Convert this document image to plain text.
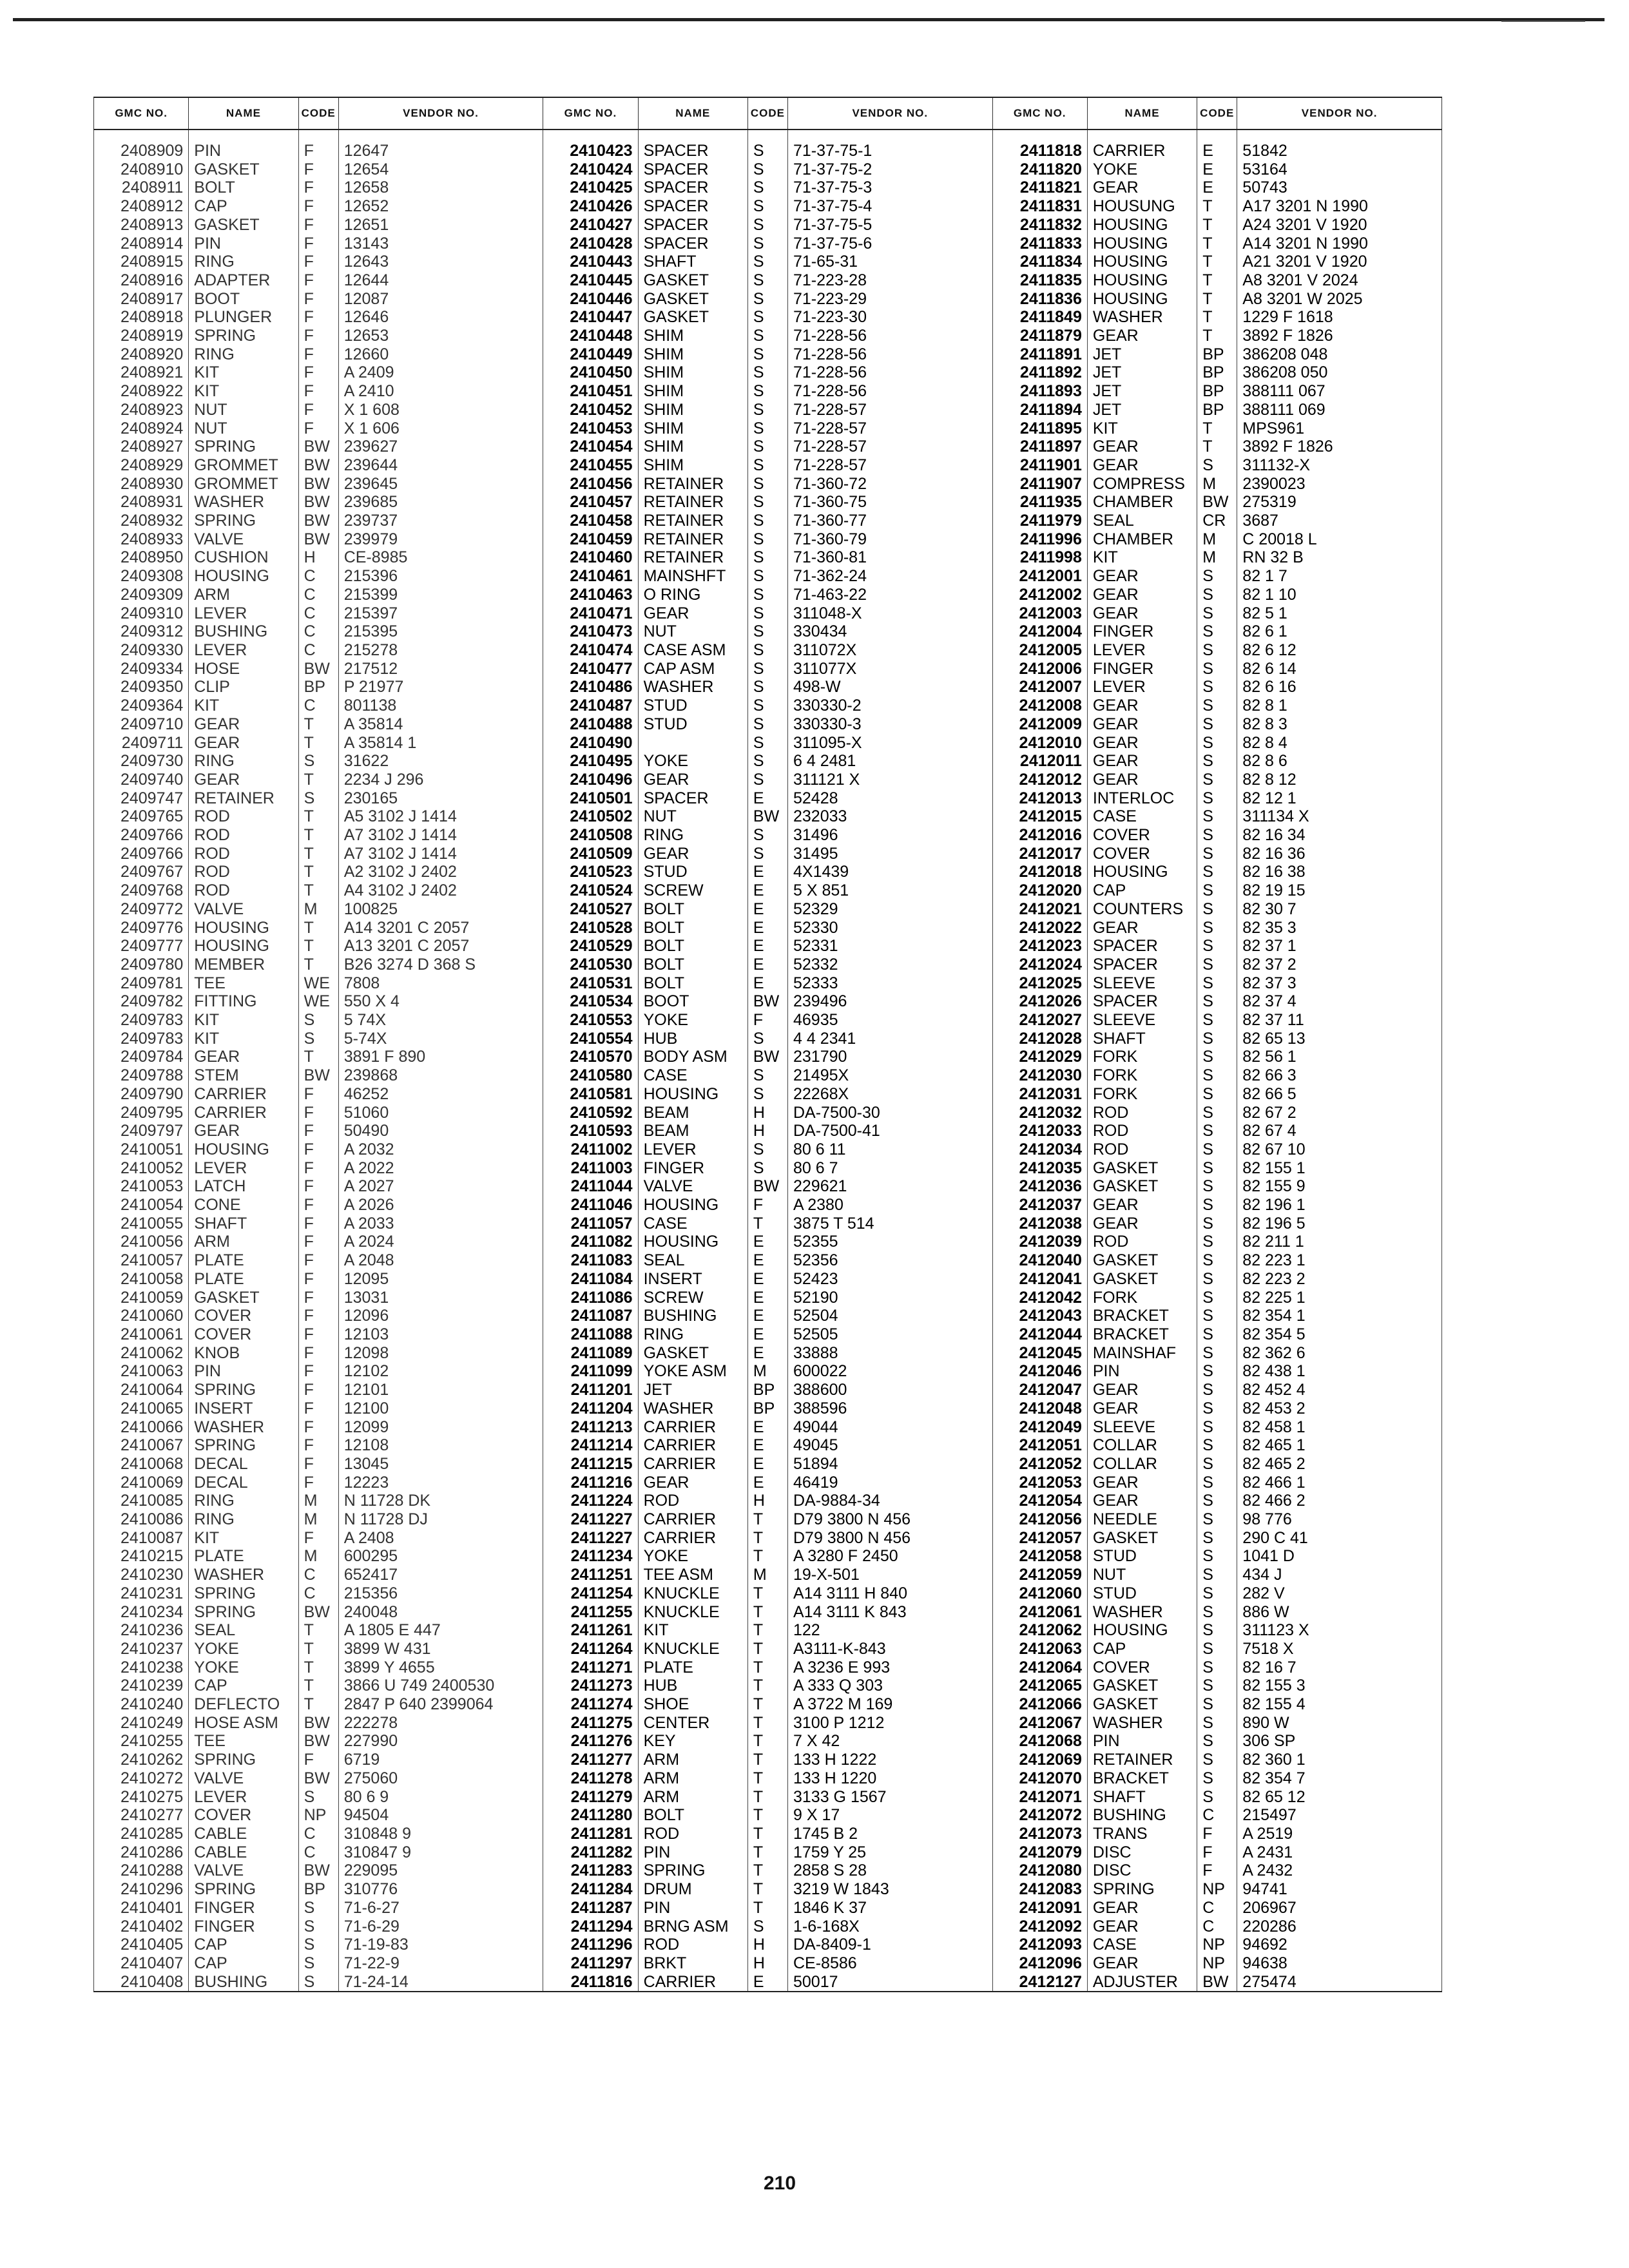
GMC NO.	NAME	CODE	VENDOR NO.	GMC NO.	NAME	CODE	VENDOR NO.	GMC NO.	NAME	CODE	VENDOR NO.
2408909	PIN	F	12647	2410423	SPACER	S	71-37-75-1	2411818	CARRIER	E	51842
2408910	GASKET	F	12654	2410424	SPACER	S	71-37-75-2	2411820	YOKE	E	53164
2408911	BOLT	F	12658	2410425	SPACER	S	71-37-75-3	2411821	GEAR	E	50743
2408912	CAP	F	12652	2410426	SPACER	S	71-37-75-4	2411831	HOUSUNG	T	A17 3201 N 1990
2408913	GASKET	F	12651	2410427	SPACER	S	71-37-75-5	2411832	HOUSING	T	A24 3201 V 1920
2408914	PIN	F	13143	2410428	SPACER	S	71-37-75-6	2411833	HOUSING	T	A14 3201 N 1990
2408915	RING	F	12643	2410443	SHAFT	S	71-65-31	2411834	HOUSING	T	A21 3201 V 1920
2408916	ADAPTER	F	12644	2410445	GASKET	S	71-223-28	2411835	HOUSING	T	A8 3201 V 2024
2408917	BOOT	F	12087	2410446	GASKET	S	71-223-29	2411836	HOUSING	T	A8 3201 W 2025
2408918	PLUNGER	F	12646	2410447	GASKET	S	71-223-30	2411849	WASHER	T	1229 F 1618
2408919	SPRING	F	12653	2410448	SHIM	S	71-228-56	2411879	GEAR	T	3892 F 1826
2408920	RING	F	12660	2410449	SHIM	S	71-228-56	2411891	JET	BP	386208 048
2408921	KIT	F	A 2409	2410450	SHIM	S	71-228-56	2411892	JET	BP	386208 050
2408922	KIT	F	A 2410	2410451	SHIM	S	71-228-56	2411893	JET	BP	388111 067
2408923	NUT	F	X 1 608	2410452	SHIM	S	71-228-57	2411894	JET	BP	388111 069
2408924	NUT	F	X 1 606	2410453	SHIM	S	71-228-57	2411895	KIT	T	MPS961
2408927	SPRING	BW	239627	2410454	SHIM	S	71-228-57	2411897	GEAR	T	3892 F 1826
2408929	GROMMET	BW	239644	2410455	SHIM	S	71-228-57	2411901	GEAR	S	311132-X
2408930	GROMMET	BW	239645	2410456	RETAINER	S	71-360-72	2411907	COMPRESS	M	2390023
2408931	WASHER	BW	239685	2410457	RETAINER	S	71-360-75	2411935	CHAMBER	BW	275319
2408932	SPRING	BW	239737	2410458	RETAINER	S	71-360-77	2411979	SEAL	CR	3687
2408933	VALVE	BW	239979	2410459	RETAINER	S	71-360-79	2411996	CHAMBER	M	C 20018 L
2408950	CUSHION	H	CE-8985	2410460	RETAINER	S	71-360-81	2411998	KIT	M	RN 32 B
2409308	HOUSING	C	215396	2410461	MAINSHFT	S	71-362-24	2412001	GEAR	S	82 1 7
2409309	ARM	C	215399	2410463	O RING	S	71-463-22	2412002	GEAR	S	82 1 10
2409310	LEVER	C	215397	2410471	GEAR	S	311048-X	2412003	GEAR	S	82 5 1
2409312	BUSHING	C	215395	2410473	NUT	S	330434	2412004	FINGER	S	82 6 1
2409330	LEVER	C	215278	2410474	CASE ASM	S	311072X	2412005	LEVER	S	82 6 12
2409334	HOSE	BW	217512	2410477	CAP ASM	S	311077X	2412006	FINGER	S	82 6 14
2409350	CLIP	BP	P 21977	2410486	WASHER	S	498-W	2412007	LEVER	S	82 6 16
2409364	KIT	C	801138	2410487	STUD	S	330330-2	2412008	GEAR	S	82 8 1
2409710	GEAR	T	A 35814	2410488	STUD	S	330330-3	2412009	GEAR	S	82 8 3
2409711	GEAR	T	A 35814 1	2410490		S	311095-X	2412010	GEAR	S	82 8 4
2409730	RING	S	31622	2410495	YOKE	S	6 4 2481	2412011	GEAR	S	82 8 6
2409740	GEAR	T	2234 J 296	2410496	GEAR	S	311121 X	2412012	GEAR	S	82 8 12
2409747	RETAINER	S	230165	2410501	SPACER	E	52428	2412013	INTERLOC	S	82 12 1
2409765	ROD	T	A5 3102 J 1414	2410502	NUT	BW	232033	2412015	CASE	S	311134 X
2409766	ROD	T	A7 3102 J 1414	2410508	RING	S	31496	2412016	COVER	S	82 16 34
2409766	ROD	T	A7 3102 J 1414	2410509	GEAR	S	31495	2412017	COVER	S	82 16 36
2409767	ROD	T	A2 3102 J 2402	2410523	STUD	E	4X1439	2412018	HOUSING	S	82 16 38
2409768	ROD	T	A4 3102 J 2402	2410524	SCREW	E	5 X 851	2412020	CAP	S	82 19 15
2409772	VALVE	M	100825	2410527	BOLT	E	52329	2412021	COUNTERS	S	82 30 7
2409776	HOUSING	T	A14 3201 C 2057	2410528	BOLT	E	52330	2412022	GEAR	S	82 35 3
2409777	HOUSING	T	A13 3201 C 2057	2410529	BOLT	E	52331	2412023	SPACER	S	82 37 1
2409780	MEMBER	T	B26 3274 D 368 S	2410530	BOLT	E	52332	2412024	SPACER	S	82 37 2
2409781	TEE	WE	7808	2410531	BOLT	E	52333	2412025	SLEEVE	S	82 37 3
2409782	FITTING	WE	550 X 4	2410534	BOOT	BW	239496	2412026	SPACER	S	82 37 4
2409783	KIT	S	5 74X	2410553	YOKE	F	46935	2412027	SLEEVE	S	82 37 11
2409783	KIT	S	5-74X	2410554	HUB	S	4 4 2341	2412028	SHAFT	S	82 65 13
2409784	GEAR	T	3891 F 890	2410570	BODY ASM	BW	231790	2412029	FORK	S	82 56 1
2409788	STEM	BW	239868	2410580	CASE	S	21495X	2412030	FORK	S	82 66 3
2409790	CARRIER	F	46252	2410581	HOUSING	S	22268X	2412031	FORK	S	82 66 5
2409795	CARRIER	F	51060	2410592	BEAM	H	DA-7500-30	2412032	ROD	S	82 67 2
2409797	GEAR	F	50490	2410593	BEAM	H	DA-7500-41	2412033	ROD	S	82 67 4
2410051	HOUSING	F	A 2032	2411002	LEVER	S	80 6 11	2412034	ROD	S	82 67 10
2410052	LEVER	F	A 2022	2411003	FINGER	S	80 6 7	2412035	GASKET	S	82 155 1
2410053	LATCH	F	A 2027	2411044	VALVE	BW	229621	2412036	GASKET	S	82 155 9
2410054	CONE	F	A 2026	2411046	HOUSING	F	A 2380	2412037	GEAR	S	82 196 1
2410055	SHAFT	F	A 2033	2411057	CASE	T	3875 T 514	2412038	GEAR	S	82 196 5
2410056	ARM	F	A 2024	2411082	HOUSING	E	52355	2412039	ROD	S	82 211 1
2410057	PLATE	F	A 2048	2411083	SEAL	E	52356	2412040	GASKET	S	82 223 1
2410058	PLATE	F	12095	2411084	INSERT	E	52423	2412041	GASKET	S	82 223 2
2410059	GASKET	F	13031	2411086	SCREW	E	52190	2412042	FORK	S	82 225 1
2410060	COVER	F	12096	2411087	BUSHING	E	52504	2412043	BRACKET	S	82 354 1
2410061	COVER	F	12103	2411088	RING	E	52505	2412044	BRACKET	S	82 354 5
2410062	KNOB	F	12098	2411089	GASKET	E	33888	2412045	MAINSHAF	S	82 362 6
2410063	PIN	F	12102	2411099	YOKE ASM	M	600022	2412046	PIN	S	82 438 1
2410064	SPRING	F	12101	2411201	JET	BP	388600	2412047	GEAR	S	82 452 4
2410065	INSERT	F	12100	2411204	WASHER	BP	388596	2412048	GEAR	S	82 453 2
2410066	WASHER	F	12099	2411213	CARRIER	E	49044	2412049	SLEEVE	S	82 458 1
2410067	SPRING	F	12108	2411214	CARRIER	E	49045	2412051	COLLAR	S	82 465 1
2410068	DECAL	F	13045	2411215	CARRIER	E	51894	2412052	COLLAR	S	82 465 2
2410069	DECAL	F	12223	2411216	GEAR	E	46419	2412053	GEAR	S	82 466 1
2410085	RING	M	N 11728 DK	2411224	ROD	H	DA-9884-34	2412054	GEAR	S	82 466 2
2410086	RING	M	N 11728 DJ	2411227	CARRIER	T	D79 3800 N 456	2412056	NEEDLE	S	98 776
2410087	KIT	F	A 2408	2411227	CARRIER	T	D79 3800 N 456	2412057	GASKET	S	290 C 41
2410215	PLATE	M	600295	2411234	YOKE	T	A 3280 F 2450	2412058	STUD	S	1041 D
2410230	WASHER	C	652417	2411251	TEE ASM	M	19-X-501	2412059	NUT	S	434 J
2410231	SPRING	C	215356	2411254	KNUCKLE	T	A14 3111 H 840	2412060	STUD	S	282 V
2410234	SPRING	BW	240048	2411255	KNUCKLE	T	A14 3111 K 843	2412061	WASHER	S	886 W
2410236	SEAL	T	A 1805 E 447	2411261	KIT	T	122	2412062	HOUSING	S	311123 X
2410237	YOKE	T	3899 W 431	2411264	KNUCKLE	T	A3111-K-843	2412063	CAP	S	7518 X
2410238	YOKE	T	3899 Y 4655	2411271	PLATE	T	A 3236 E 993	2412064	COVER	S	82 16 7
2410239	CAP	T	3866 U 749 2400530	2411273	HUB	T	A 333 Q 303	2412065	GASKET	S	82 155 3
2410240	DEFLECTO	T	2847 P 640 2399064	2411274	SHOE	T	A 3722 M 169	2412066	GASKET	S	82 155 4
2410249	HOSE ASM	BW	222278	2411275	CENTER	T	3100 P 1212	2412067	WASHER	S	890 W
2410255	TEE	BW	227990	2411276	KEY	T	7 X 42	2412068	PIN	S	306 SP
2410262	SPRING	F	6719	2411277	ARM	T	133 H 1222	2412069	RETAINER	S	82 360 1
2410272	VALVE	BW	275060	2411278	ARM	T	133 H 1220	2412070	BRACKET	S	82 354 7
2410275	LEVER	S	80 6 9	2411279	ARM	T	3133 G 1567	2412071	SHAFT	S	82 65 12
2410277	COVER	NP	94504	2411280	BOLT	T	9 X 17	2412072	BUSHING	C	215497
2410285	CABLE	C	310848 9	2411281	ROD	T	1745 B 2	2412073	TRANS	F	A 2519
2410286	CABLE	C	310847 9	2411282	PIN	T	1759 Y 25	2412079	DISC	F	A 2431
2410288	VALVE	BW	229095	2411283	SPRING	T	2858 S 28	2412080	DISC	F	A 2432
2410296	SPRING	BP	310776	2411284	DRUM	T	3219 W 1843	2412083	SPRING	NP	94741
2410401	FINGER	S	71-6-27	2411287	PIN	T	1846 K 37	2412091	GEAR	C	206967
2410402	FINGER	S	71-6-29	2411294	BRNG ASM	S	1-6-168X	2412092	GEAR	C	220286
2410405	CAP	S	71-19-83	2411296	ROD	H	DA-8409-1	2412093	CASE	NP	94692
2410407	CAP	S	71-22-9	2411297	BRKT	H	CE-8586	2412096	GEAR	NP	94638
2410408	BUSHING	S	71-24-14	2411816	CARRIER	E	50017	2412127	ADJUSTER	BW	275474
210
